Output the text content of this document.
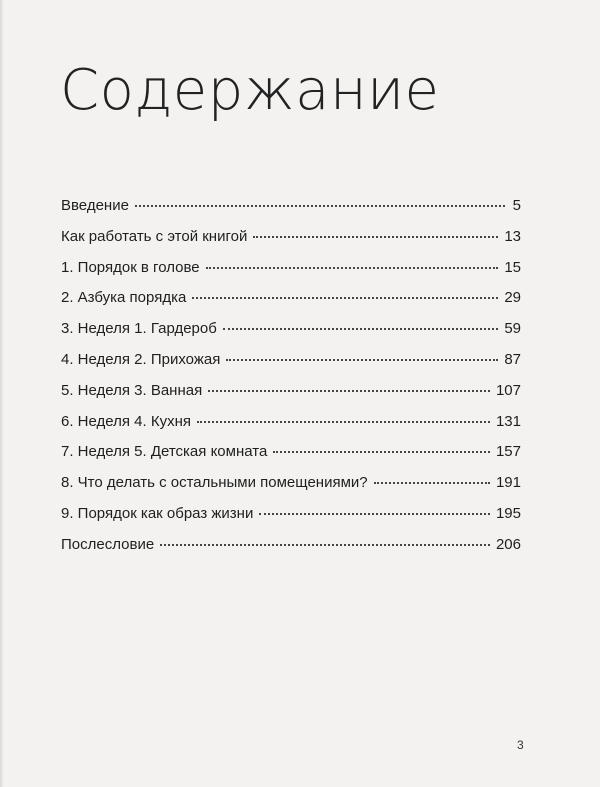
Содержание
Введение	5
Как работать с этой книгой	13
1. Порядок в голове	15
2. Азбука порядка	29
3. Неделя 1. Гардероб	59
4. Неделя 2. Прихожая	87
5. Неделя 3. Ванная	107
6. Неделя 4. Кухня	131
7. Неделя 5. Детская комната	157
8. Что делать с остальными помещениями?	191
9. Порядок как образ жизни	195
Послесловие	206
3
